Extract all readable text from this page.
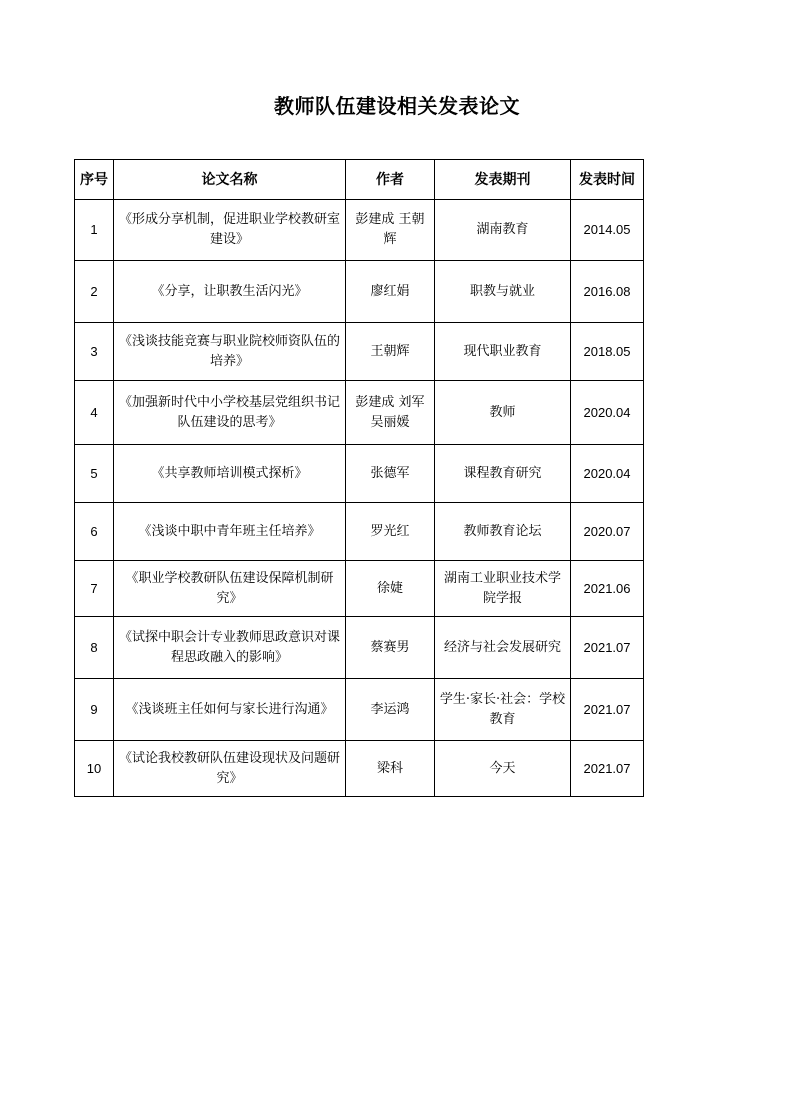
教师队伍建设相关发表论文
序号	论文名称	作者	发表期刊	发表时间
1	《形成分享机制，促进职业学校教研室建设》	彭建成 王朝辉	湖南教育	2014.05
2	《分享，让职教生活闪光》	廖红娟	职教与就业	2016.08
3	《浅谈技能竞赛与职业院校师资队伍的培养》	王朝辉	现代职业教育	2018.05
4	《加强新时代中小学校基层党组织书记队伍建设的思考》	彭建成 刘军 吴丽媛	教师	2020.04
5	《共享教师培训模式探析》	张德军	课程教育研究	2020.04
6	《浅谈中职中青年班主任培养》	罗光红	教师教育论坛	2020.07
7	《职业学校教研队伍建设保障机制研究》	徐婕	湖南工业职业技术学院学报	2021.06
8	《试探中职会计专业教师思政意识对课程思政融入的影响》	蔡赛男	经济与社会发展研究	2021.07
9	《浅谈班主任如何与家长进行沟通》	李运鸿	学生·家长·社会：学校教育	2021.07
10	《试论我校教研队伍建设现状及问题研究》	梁科	今天	2021.07
